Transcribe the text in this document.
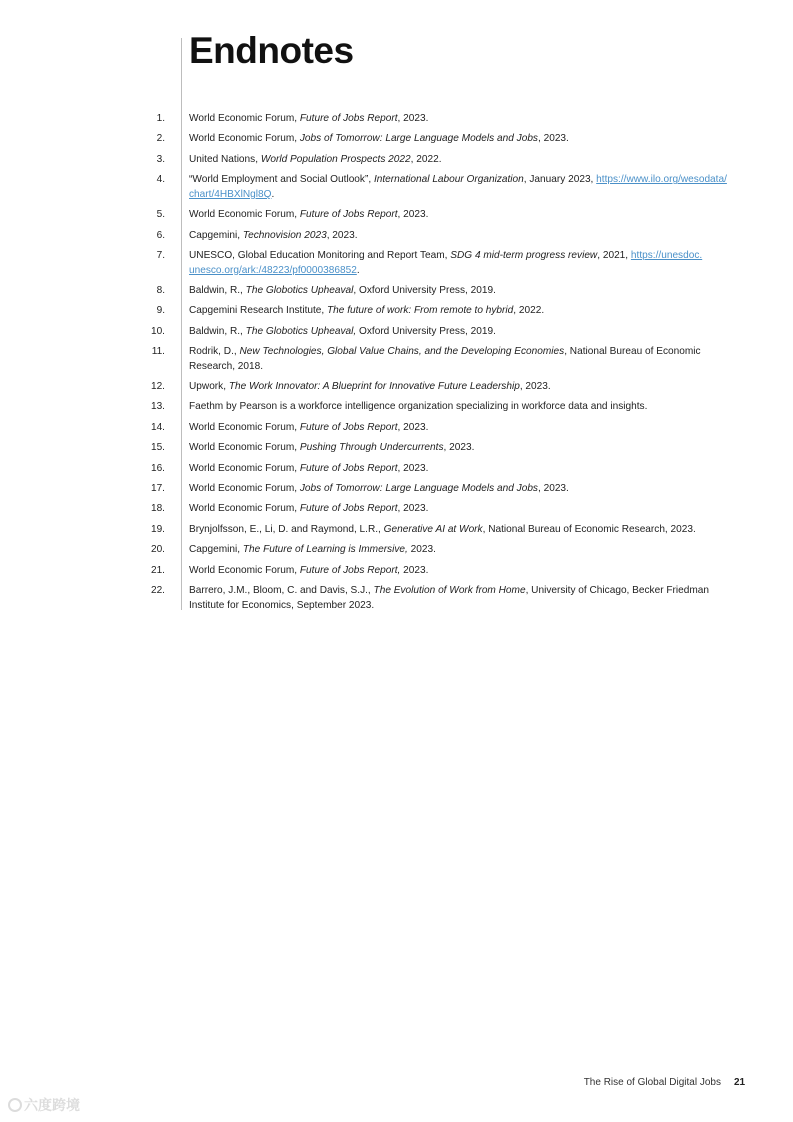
Endnotes
1. World Economic Forum, Future of Jobs Report, 2023.
2. World Economic Forum, Jobs of Tomorrow: Large Language Models and Jobs, 2023.
3. United Nations, World Population Prospects 2022, 2022.
4. “World Employment and Social Outlook”, International Labour Organization, January 2023, https://www.ilo.org/wesodata/
chart/4HBXlNgl8Q.
5. World Economic Forum, Future of Jobs Report, 2023.
6. Capgemini, Technovision 2023, 2023.
7. UNESCO, Global Education Monitoring and Report Team, SDG 4 mid-term progress review, 2021, https://unesdoc.
unesco.org/ark:/48223/pf0000386852.
8. Baldwin, R., The Globotics Upheaval, Oxford University Press, 2019.
9. Capgemini Research Institute, The future of work: From remote to hybrid, 2022.
10. Baldwin, R., The Globotics Upheaval, Oxford University Press, 2019.
11. Rodrik, D., New Technologies, Global Value Chains, and the Developing Economies, National Bureau of Economic
Research, 2018.
12. Upwork, The Work Innovator: A Blueprint for Innovative Future Leadership, 2023.
13. Faethm by Pearson is a workforce intelligence organization specializing in workforce data and insights.
14. World Economic Forum, Future of Jobs Report, 2023.
15. World Economic Forum, Pushing Through Undercurrents, 2023.
16. World Economic Forum, Future of Jobs Report, 2023.
17. World Economic Forum, Jobs of Tomorrow: Large Language Models and Jobs, 2023.
18. World Economic Forum, Future of Jobs Report, 2023.
19. Brynjolfsson, E., Li, D. and Raymond, L.R., Generative AI at Work, National Bureau of Economic Research, 2023.
20. Capgemini, The Future of Learning is Immersive, 2023.
21. World Economic Forum, Future of Jobs Report, 2023.
22. Barrero, J.M., Bloom, C. and Davis, S.J., The Evolution of Work from Home, University of Chicago, Becker Friedman
Institute for Economics, September 2023.
The Rise of Global Digital Jobs 21
六度跨境
